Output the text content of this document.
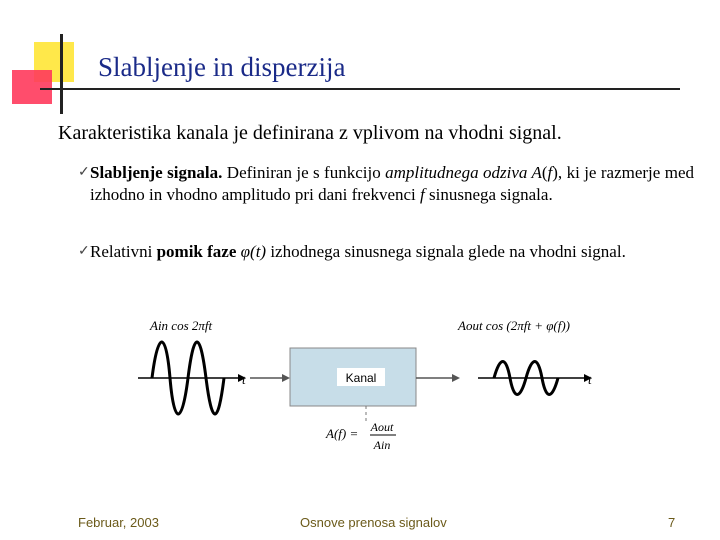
Slabljenje in disperzija
Karakteristika kanala je definirana z vplivom na vhodni signal.
✓ Slabljenje signala. Definiran je s funkcijo amplitudnega odziva A(f), ki je razmerje med izhodno in vhodno amplitudo pri dani frekvenci f sinusnega signala.
✓ Relativni pomik faze φ(t) izhodnega sinusnega signala glede na vhodni signal.
Ain cos 2πft
t	Kanal
Aout cos (2πft + φ(f))
t
A(f) = Aout
Ain
Februar, 2003	Osnove prenosa signalov	7
